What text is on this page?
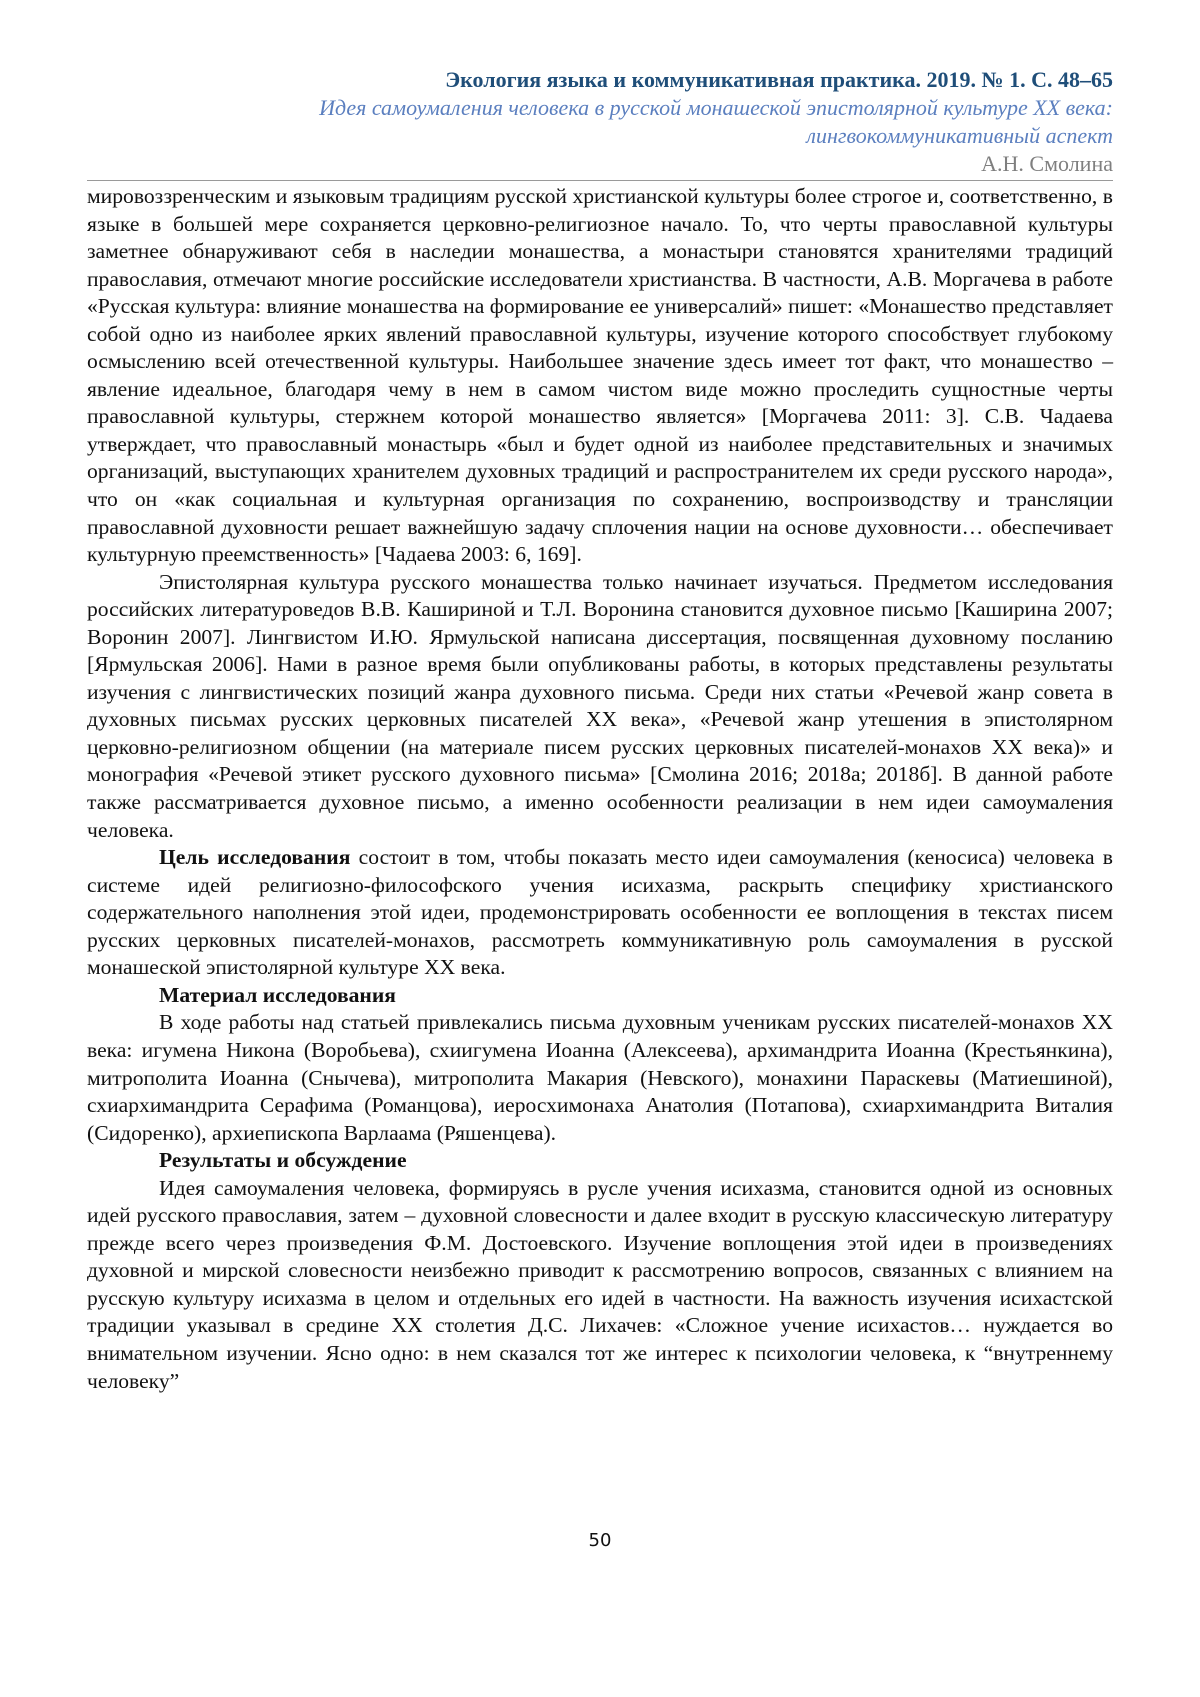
Экология языка и коммуникативная практика. 2019. № 1. С. 48–65
Идея самоумаления человека в русской монашеской эпистолярной культуре XX века:
лингвокоммуникативный аспект
А.Н. Смолина

мировоззренческим и языковым традициям русской христианской культуры более строгое и, соответственно, в языке в большей мере сохраняется церковно-религиозное начало. То, что черты православной культуры заметнее обнаруживают себя в наследии монашества, а монастыри становятся хранителями традиций православия, отмечают многие российские исследователи христианства. В частности, А.В. Моргачева в работе «Русская культура: влияние монашества на формирование ее универсалий» пишет: «Монашество представляет собой одно из наиболее ярких явлений православной культуры, изучение которого способствует глубокому осмыслению всей отечественной культуры. Наибольшее значение здесь имеет тот факт, что монашество – явление идеальное, благодаря чему в нем в самом чистом виде можно проследить сущностные черты православной культуры, стержнем которой монашество является» [Моргачева 2011: 3]. С.В. Чадаева утверждает, что православный монастырь «был и будет одной из наиболее представительных и значимых организаций, выступающих хранителем духовных традиций и распространителем их среди русского народа», что он «как социальная и культурная организация по сохранению, воспроизводству и трансляции православной духовности решает важнейшую задачу сплочения нации на основе духовности… обеспечивает культурную преемственность» [Чадаева 2003: 6, 169].

Эпистолярная культура русского монашества только начинает изучаться. Предметом исследования российских литературоведов В.В. Кашириной и Т.Л. Воронина становится духовное письмо [Каширина 2007; Воронин 2007]. Лингвистом И.Ю. Ярмульской написана диссертация, посвященная духовному посланию [Ярмульская 2006]. Нами в разное время были опубликованы работы, в которых представлены результаты изучения с лингвистических позиций жанра духовного письма. Среди них статьи «Речевой жанр совета в духовных письмах русских церковных писателей XX века», «Речевой жанр утешения в эпистолярном церковно-религиозном общении (на материале писем русских церковных писателей-монахов XX века)» и монография «Речевой этикет русского духовного письма» [Смолина 2016; 2018а; 2018б]. В данной работе также рассматривается духовное письмо, а именно особенности реализации в нем идеи самоумаления человека.

Цель исследования состоит в том, чтобы показать место идеи самоумаления (кеносиса) человека в системе идей религиозно-философского учения исихазма, раскрыть специфику христианского содержательного наполнения этой идеи, продемонстрировать особенности ее воплощения в текстах писем русских церковных писателей-монахов, рассмотреть коммуникативную роль самоумаления в русской монашеской эпистолярной культуре XX века.

Материал исследования

В ходе работы над статьей привлекались письма духовным ученикам русских писателей-монахов XX века: игумена Никона (Воробьева), схиигумена Иоанна (Алексеева), архимандрита Иоанна (Крестьянкина), митрополита Иоанна (Снычева), митрополита Макария (Невского), монахини Параскевы (Матиешиной), схиархимандрита Серафима (Романцова), иеросхимонаха Анатолия (Потапова), схиархимандрита Виталия (Сидоренко), архиепископа Варлаама (Ряшенцева).

Результаты и обсуждение

Идея самоумаления человека, формируясь в русле учения исихазма, становится одной из основных идей русского православия, затем – духовной словесности и далее входит в русскую классическую литературу прежде всего через произведения Ф.М. Достоевского. Изучение воплощения этой идеи в произведениях духовной и мирской словесности неизбежно приводит к рассмотрению вопросов, связанных с влиянием на русскую культуру исихазма в целом и отдельных его идей в частности. На важность изучения исихастской традиции указывал в средине XX столетия Д.С. Лихачев: «Сложное учение исихастов… нуждается во внимательном изучении. Ясно одно: в нем сказался тот же интерес к психологии человека, к “внутреннему человеку”

50
